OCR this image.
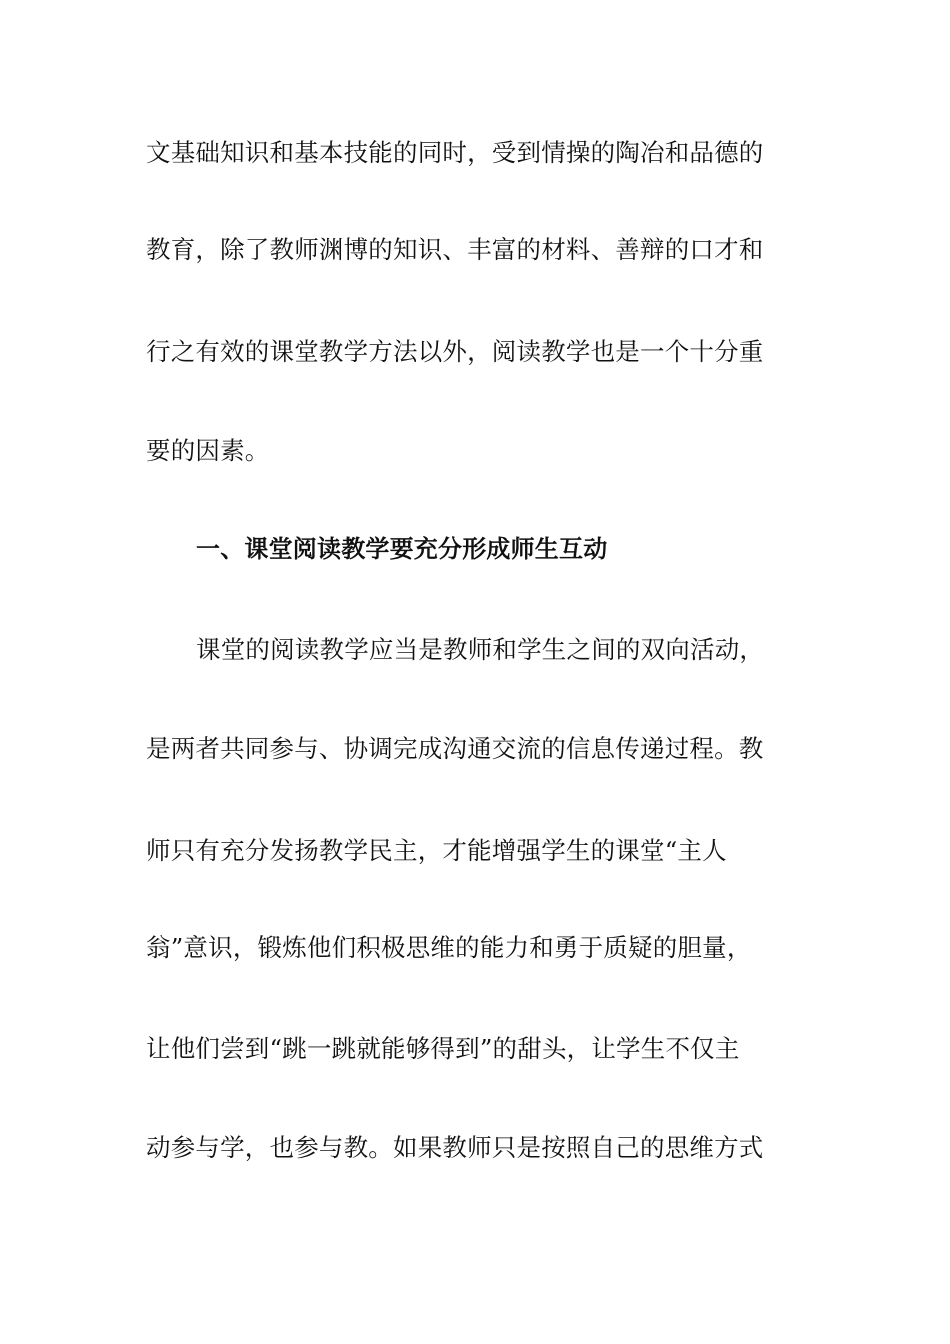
文基础知识和基本技能的同时，受到情操的陶冶和品德的
教育，除了教师渊博的知识、丰富的材料、善辩的口才和
行之有效的课堂教学方法以外，阅读教学也是一个十分重
要的因素。
一、课堂阅读教学要充分形成师生互动
课堂的阅读教学应当是教师和学生之间的双向活动，
是两者共同参与、协调完成沟通交流的信息传递过程。教
师只有充分发扬教学民主，才能增强学生的课堂“主人
翁”意识，锻炼他们积极思维的能力和勇于质疑的胆量，
让他们尝到“跳一跳就能够得到”的甜头，让学生不仅主
动参与学，也参与教。如果教师只是按照自己的思维方式
